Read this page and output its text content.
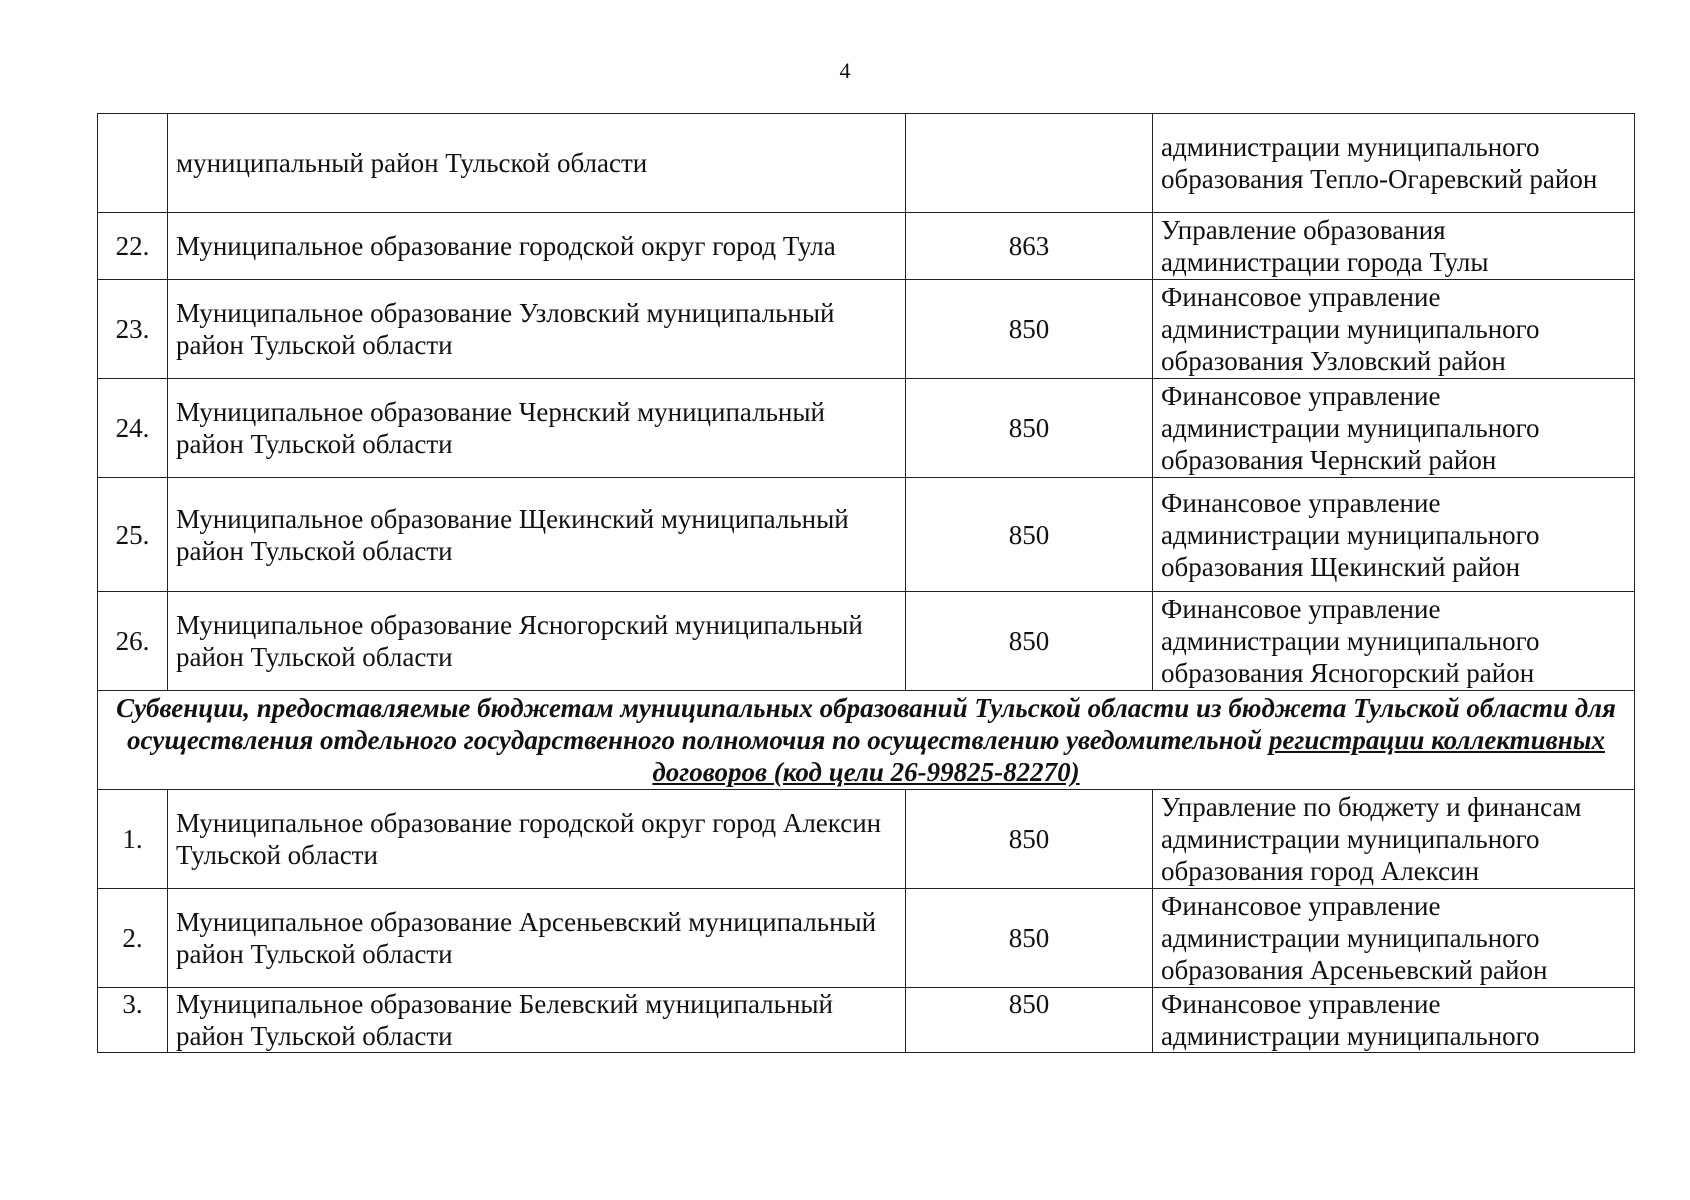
4
	муниципальный район Тульской области		администрации муниципального образования Тепло-Огаревский район
22.	Муниципальное образование городской округ город Тула	863	Управление образования администрации города Тулы
23.	Муниципальное образование Узловский муниципальный район Тульской области	850	Финансовое управление администрации муниципального образования Узловский район
24.	Муниципальное образование Чернский муниципальный район Тульской области	850	Финансовое управление администрации муниципального образования Чернский район
25.	Муниципальное образование Щекинский муниципальный район Тульской области	850	Финансовое управление администрации муниципального образования Щекинский район
26.	Муниципальное образование Ясногорский муниципальный район Тульской области	850	Финансовое управление администрации муниципального образования Ясногорский район
Субвенции, предоставляемые бюджетам муниципальных образований Тульской области из бюджета Тульской области для осуществления отдельного государственного полномочия по осуществлению уведомительной регистрации коллективных договоров (код цели 26-99825-82270)			
1.	Муниципальное образование городской округ город Алексин Тульской области	850	Управление по бюджету и финансам администрации муниципального образования город Алексин
2.	Муниципальное образование Арсеньевский муниципальный район Тульской области	850	Финансовое управление администрации муниципального образования Арсеньевский район
3.	Муниципальное образование Белевский муниципальный район Тульской области	850	Финансовое управление администрации муниципального
